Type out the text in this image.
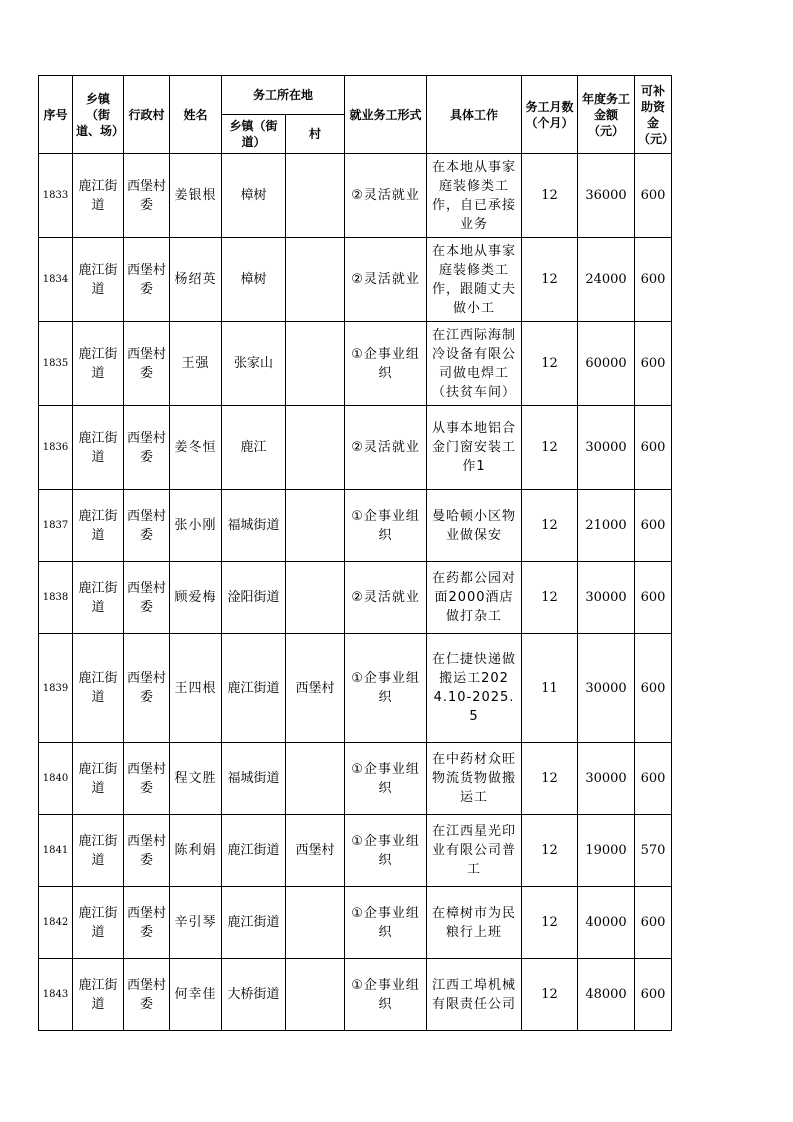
序号	乡镇（街道、场）	行政村	姓名	务工所在地		就业务工形式	具体工作	务工月数（个月）	年度务工金额（元）	可补助资金（元）
				乡镇（街道）	村					
1833	鹿江街道	西堡村委	姜银根	樟树		②灵活就业	在本地从事家庭装修类工作，自已承接业务	12	36000	600
1834	鹿江街道	西堡村委	杨绍英	樟树		②灵活就业	在本地从事家庭装修类工作，跟随丈夫做小工	12	24000	600
1835	鹿江街道	西堡村委	王强	张家山		①企事业组织	在江西际海制冷设备有限公司做电焊工（扶贫车间）	12	60000	600
1836	鹿江街道	西堡村委	姜冬恒	鹿江		②灵活就业	从事本地铝合金门窗安装工作1	12	30000	600
1837	鹿江街道	西堡村委	张小刚	福城街道		①企事业组织	曼哈顿小区物业做保安	12	21000	600
1838	鹿江街道	西堡村委	顾爱梅	淦阳街道		②灵活就业	在药都公园对面2000酒店做打杂工	12	30000	600
1839	鹿江街道	西堡村委	王四根	鹿江街道	西堡村	①企事业组织	在仁捷快递做搬运工2024.10-2025.5	11	30000	600
1840	鹿江街道	西堡村委	程文胜	福城街道		①企事业组织	在中药材众旺物流货物做搬运工	12	30000	600
1841	鹿江街道	西堡村委	陈利娟	鹿江街道	西堡村	①企事业组织	在江西星光印业有限公司普工	12	19000	570
1842	鹿江街道	西堡村委	辛引琴	鹿江街道		①企事业组织	在樟树市为民粮行上班	12	40000	600
1843	鹿江街道	西堡村委	何幸佳	大桥街道		①企事业组织	江西工埠机械有限责任公司	12	48000	600
